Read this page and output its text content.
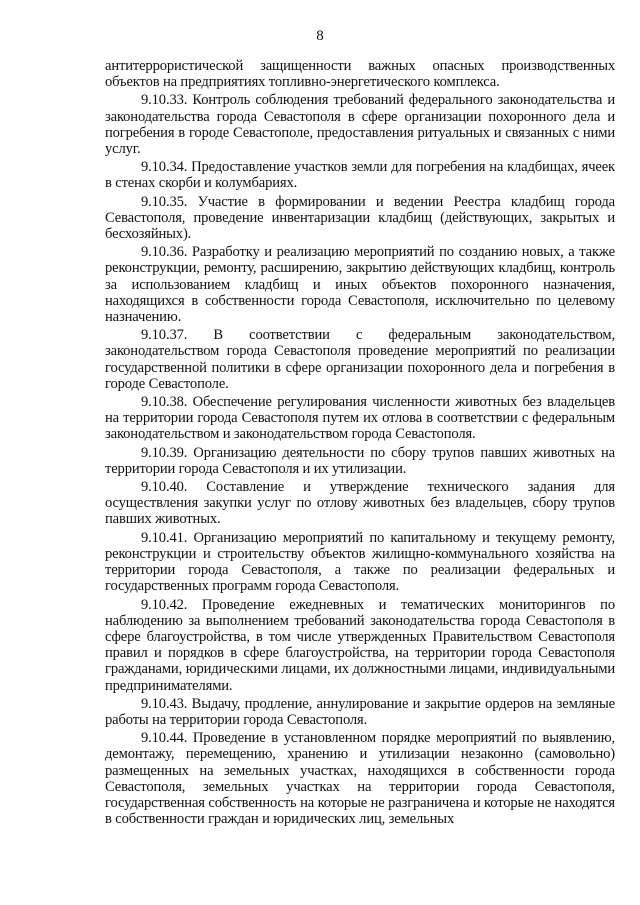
8

антитеррористической защищенности важных опасных производственных объектов на предприятиях топливно-энергетического комплекса.

9.10.33. Контроль соблюдения требований федерального законодательства и законодательства города Севастополя в сфере организации похоронного дела и погребения в городе Севастополе, предоставления ритуальных и связанных с ними услуг.

9.10.34. Предоставление участков земли для погребения на кладбищах, ячеек в стенах скорби и колумбариях.

9.10.35. Участие в формировании и ведении Реестра кладбищ города Севастополя, проведение инвентаризации кладбищ (действующих, закрытых и бесхозяйных).

9.10.36. Разработку и реализацию мероприятий по созданию новых, а также реконструкции, ремонту, расширению, закрытию действующих кладбищ, контроль за использованием кладбищ и иных объектов похоронного назначения, находящихся в собственности города Севастополя, исключительно по целевому назначению.

9.10.37. В соответствии с федеральным законодательством, законодательством города Севастополя проведение мероприятий по реализации государственной политики в сфере организации похоронного дела и погребения в городе Севастополе.

9.10.38. Обеспечение регулирования численности животных без владельцев на территории города Севастополя путем их отлова в соответствии с федеральным законодательством и законодательством города Севастополя.

9.10.39. Организацию деятельности по сбору трупов павших животных на территории города Севастополя и их утилизации.

9.10.40. Составление и утверждение технического задания для осуществления закупки услуг по отлову животных без владельцев, сбору трупов павших животных.

9.10.41. Организацию мероприятий по капитальному и текущему ремонту, реконструкции и строительству объектов жилищно-коммунального хозяйства на территории города Севастополя, а также по реализации федеральных и государственных программ города Севастополя.

9.10.42. Проведение ежедневных и тематических мониторингов по наблюдению за выполнением требований законодательства города Севастополя в сфере благоустройства, в том числе утвержденных Правительством Севастополя правил и порядков в сфере благоустройства, на территории города Севастополя гражданами, юридическими лицами, их должностными лицами, индивидуальными предпринимателями.

9.10.43. Выдачу, продление, аннулирование и закрытие ордеров на земляные работы на территории города Севастополя.

9.10.44. Проведение в установленном порядке мероприятий по выявлению, демонтажу, перемещению, хранению и утилизации незаконно (самовольно) размещенных на земельных участках, находящихся в собственности города Севастополя, земельных участках на территории города Севастополя, государственная собственность на которые не разграничена и которые не находятся в собственности граждан и юридических лиц, земельных
